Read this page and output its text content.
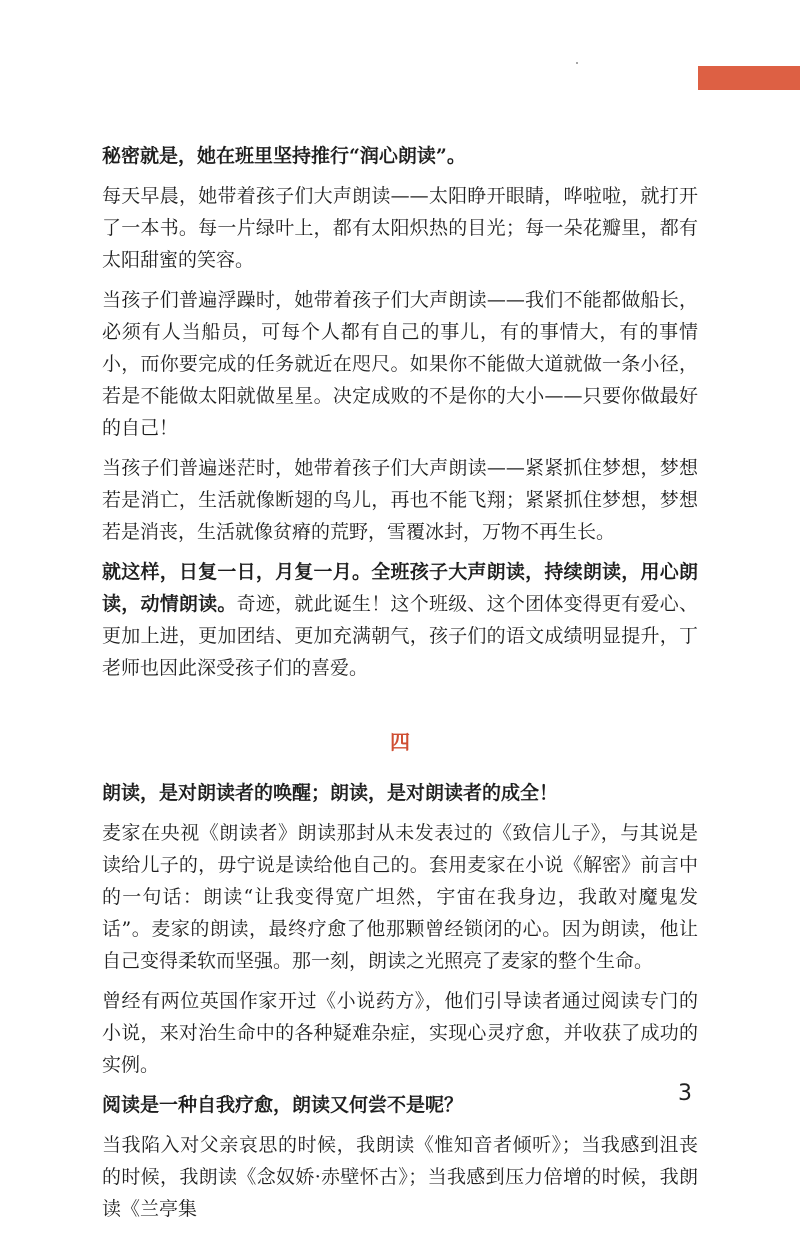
秘密就是，她在班里坚持推行“润心朗读”。

每天早晨，她带着孩子们大声朗读——太阳睁开眼睛，哗啦啦，就打开了一本书。每一片绿叶上，都有太阳炽热的目光；每一朵花瓣里，都有太阳甜蜜的笑容。

当孩子们普遍浮躁时，她带着孩子们大声朗读——我们不能都做船长，必须有人当船员，可每个人都有自己的事儿，有的事情大，有的事情小，而你要完成的任务就近在咫尺。如果你不能做大道就做一条小径，若是不能做太阳就做星星。决定成败的不是你的大小——只要你做最好的自己！

当孩子们普遍迷茫时，她带着孩子们大声朗读——紧紧抓住梦想，梦想若是消亡，生活就像断翅的鸟儿，再也不能飞翔；紧紧抓住梦想，梦想若是消丧，生活就像贫瘠的荒野，雪覆冰封，万物不再生长。

就这样，日复一日，月复一月。全班孩子大声朗读，持续朗读，用心朗读，动情朗读。奇迹，就此诞生！这个班级、这个团体变得更有爱心、更加上进，更加团结、更加充满朝气，孩子们的语文成绩明显提升，丁老师也因此深受孩子们的喜爱。

四

朗读，是对朗读者的唤醒；朗读，是对朗读者的成全！

麦家在央视《朗读者》朗读那封从未发表过的《致信儿子》，与其说是读给儿子的，毋宁说是读给他自己的。套用麦家在小说《解密》前言中的一句话：朗读“让我变得宽广坦然，宇宙在我身边，我敢对魔鬼发话”。麦家的朗读，最终疗愈了他那颗曾经锁闭的心。因为朗读，他让自己变得柔软而坚强。那一刻，朗读之光照亮了麦家的整个生命。

曾经有两位英国作家开过《小说药方》，他们引导读者通过阅读专门的小说，来对治生命中的各种疑难杂症，实现心灵疗愈，并收获了成功的实例。

阅读是一种自我疗愈，朗读又何尝不是呢？

当我陷入对父亲哀思的时候，我朗读《惟知音者倾听》；当我感到沮丧的时候，我朗读《念奴娇·赤壁怀古》；当我感到压力倍增的时候，我朗读《兰亭集

3
